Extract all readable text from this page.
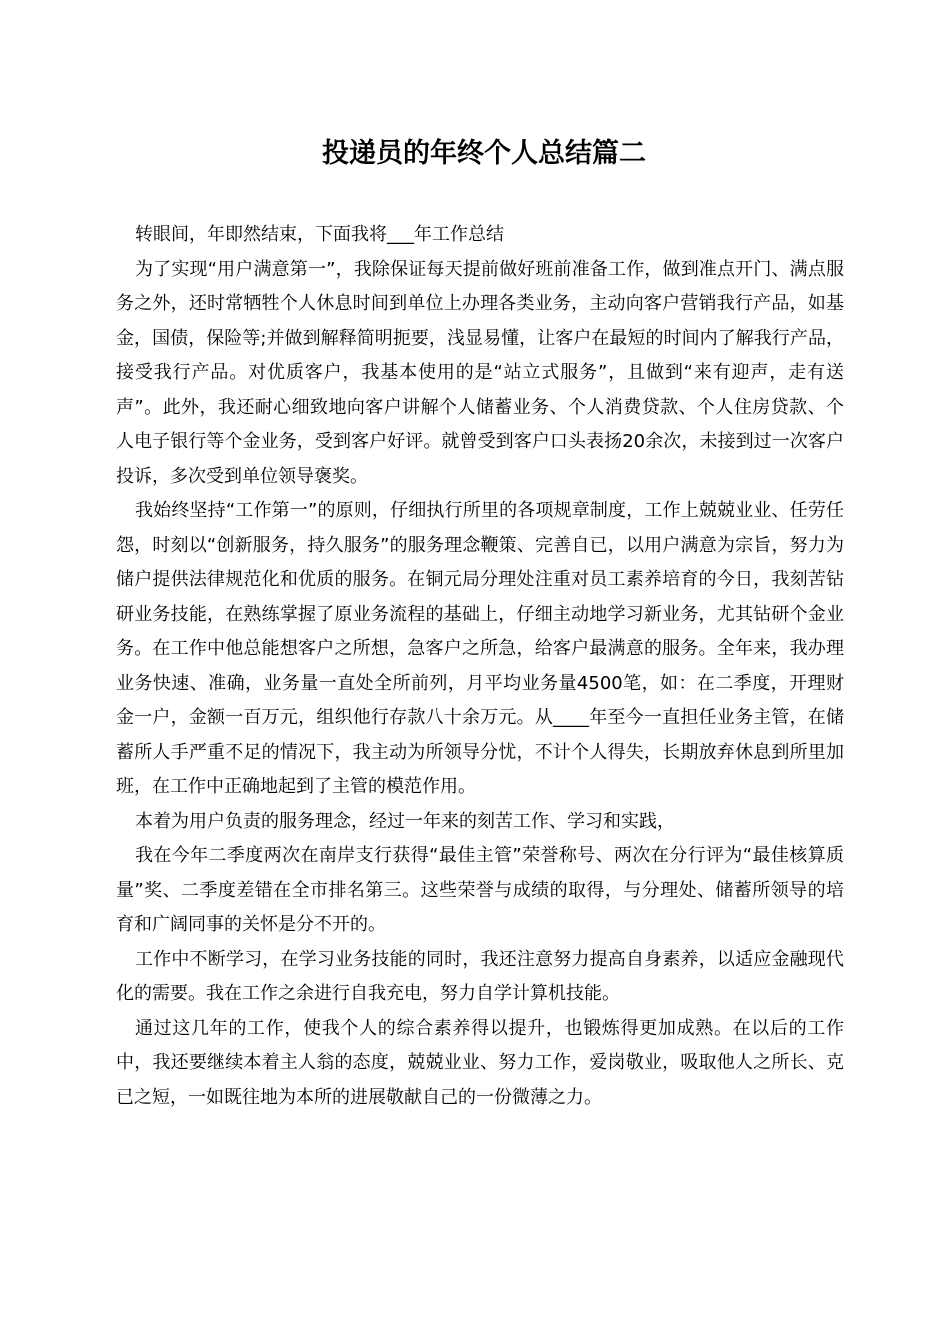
投递员的年终个人总结篇二

转眼间，年即然结束，下面我将___年工作总结

为了实现“用户满意第一”，我除保证每天提前做好班前准备工作，做到准点开门、满点服务之外，还时常牺牲个人休息时间到单位上办理各类业务，主动向客户营销我行产品，如基金，国债，保险等;并做到解释简明扼要，浅显易懂，让客户在最短的时间内了解我行产品，接受我行产品。对优质客户，我基本使用的是“站立式服务”，且做到“来有迎声，走有送声”。此外，我还耐心细致地向客户讲解个人储蓄业务、个人消费贷款、个人住房贷款、个人电子银行等个金业务，受到客户好评。就曾受到客户口头表扬20余次，未接到过一次客户投诉，多次受到单位领导褒奖。

我始终坚持“工作第一”的原则，仔细执行所里的各项规章制度，工作上兢兢业业、任劳任怨，时刻以“创新服务，持久服务”的服务理念鞭策、完善自已，以用户满意为宗旨，努力为储户提供法律规范化和优质的服务。在铜元局分理处注重对员工素养培育的今日，我刻苦钻研业务技能，在熟练掌握了原业务流程的基础上，仔细主动地学习新业务，尤其钻研个金业务。在工作中他总能想客户之所想，急客户之所急，给客户最满意的服务。全年来，我办理业务快速、准确，业务量一直处全所前列，月平均业务量4500笔，如：在二季度，开理财金一户，金额一百万元，组织他行存款八十余万元。从____年至今一直担任业务主管，在储蓄所人手严重不足的情况下，我主动为所领导分忧，不计个人得失，长期放弃休息到所里加班，在工作中正确地起到了主管的模范作用。

本着为用户负责的服务理念，经过一年来的刻苦工作、学习和实践，

我在今年二季度两次在南岸支行获得“最佳主管”荣誉称号、两次在分行评为“最佳核算质量”奖、二季度差错在全市排名第三。这些荣誉与成绩的取得，与分理处、储蓄所领导的培育和广阔同事的关怀是分不开的。

工作中不断学习，在学习业务技能的同时，我还注意努力提高自身素养，以适应金融现代化的需要。我在工作之余进行自我充电，努力自学计算机技能。

通过这几年的工作，使我个人的综合素养得以提升，也锻炼得更加成熟。在以后的工作中，我还要继续本着主人翁的态度，兢兢业业、努力工作，爱岗敬业，吸取他人之所长、克已之短，一如既往地为本所的进展敬献自己的一份微薄之力。
